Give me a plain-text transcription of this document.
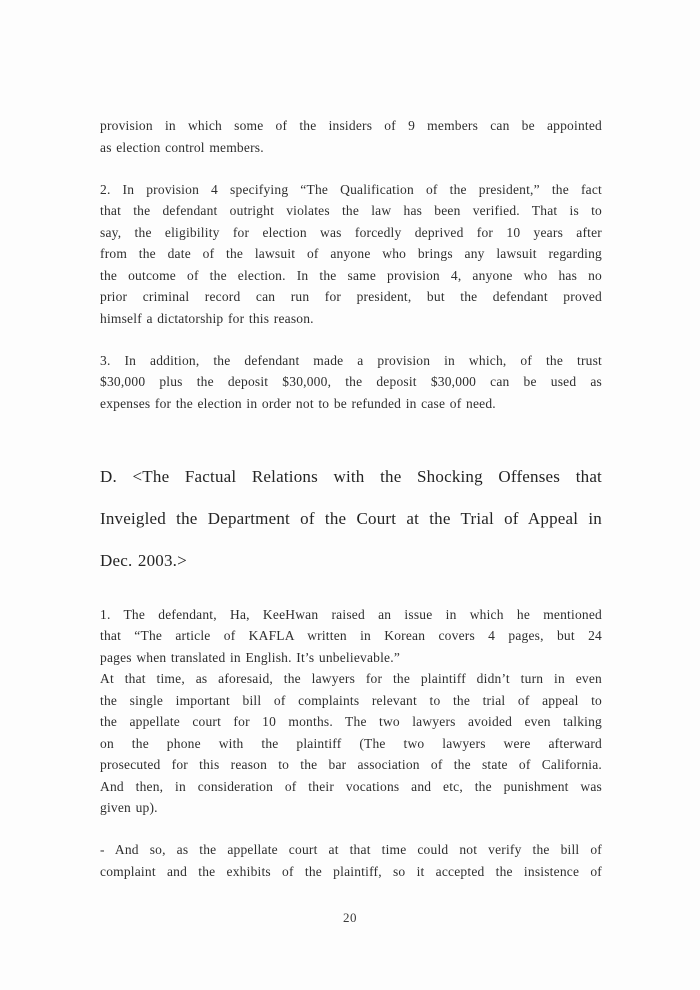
provision in which some of the insiders of 9 members can be appointed
as election control members.
2. In provision 4 specifying “The Qualification of the president,” the fact
that the defendant outright violates the law has been verified. That is to
say, the eligibility for election was forcedly deprived for 10 years after
from the date of the lawsuit of anyone who brings any lawsuit regarding
the outcome of the election. In the same provision 4, anyone who has no
prior criminal record can run for president, but the defendant proved
himself a dictatorship for this reason.
3. In addition, the defendant made a provision in which, of the trust
$30,000 plus the deposit $30,000, the deposit $30,000 can be used as
expenses for the election in order not to be refunded in case of need.
D. <The Factual Relations with the Shocking Offenses that
Inveigled the Department of the Court at the Trial of Appeal in
Dec. 2003.>
1. The defendant, Ha, KeeHwan raised an issue in which he mentioned
that “The article of KAFLA written in Korean covers 4 pages, but 24
pages when translated in English. It’s unbelievable.”
At that time, as aforesaid, the lawyers for the plaintiff didn’t turn in even
the single important bill of complaints relevant to the trial of appeal to
the appellate court for 10 months. The two lawyers avoided even talking
on the phone with the plaintiff (The two lawyers were afterward
prosecuted for this reason to the bar association of the state of California.
And then, in consideration of their vocations and etc, the punishment was
given up).
- And so, as the appellate court at that time could not verify the bill of
complaint and the exhibits of the plaintiff, so it accepted the insistence of
20
